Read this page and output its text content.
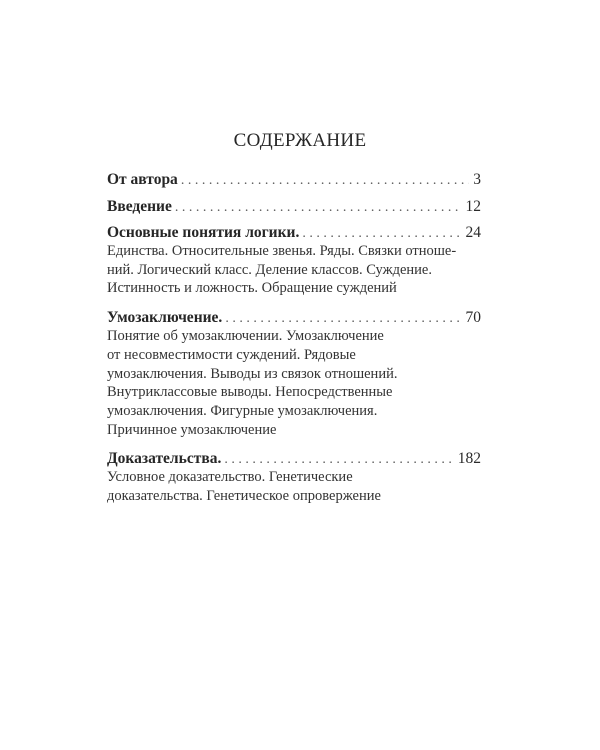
СОДЕРЖАНИЕ
От автора . . .	3
Введение . . .	12
Основные понятия логики. . . .	24
Единства. Относительные звенья. Ряды. Связки отноше-
ний. Логический класс. Деление классов. Суждение.
Истинность и ложность. Обращение суждений
Умозаключение. . . .	70
Понятие об умозаключении. Умозаключение
от несовместимости суждений. Рядовые
умозаключения. Выводы из связок отношений.
Внутриклассовые выводы. Непосредственные
умозаключения. Фигурные умозаключения.
Причинное умозаключение
Доказательства. . . .	182
Условное доказательство. Генетические
доказательства. Генетическое опровержение
